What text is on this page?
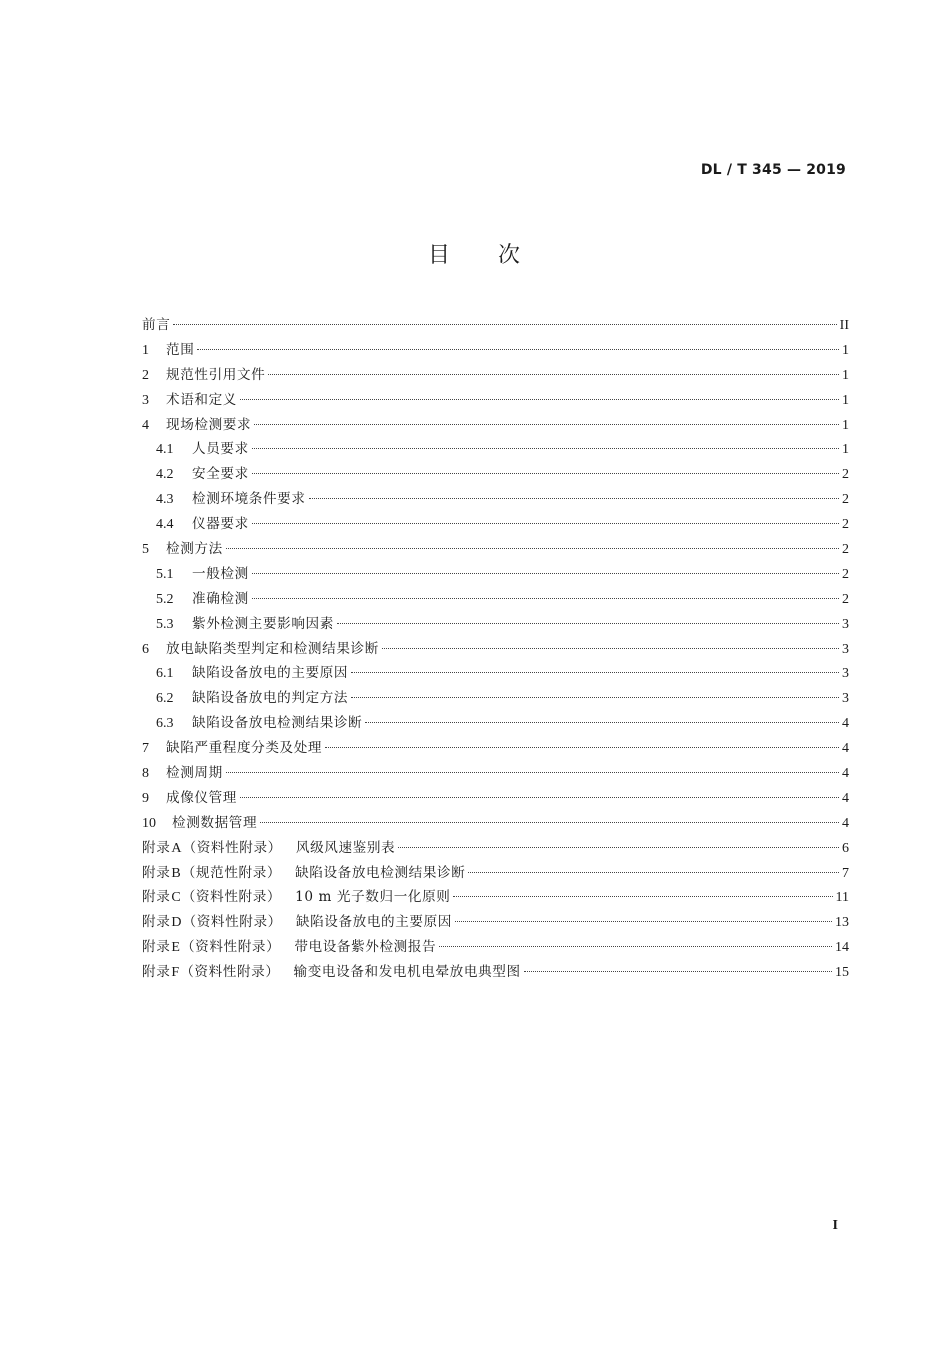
DL / T 345 — 2019
目 次
前言	II
1	范围	1
2	规范性引用文件	1
3	术语和定义	1
4	现场检测要求	1
4.1	人员要求	1
4.2	安全要求	2
4.3	检测环境条件要求	2
4.4	仪器要求	2
5	检测方法	2
5.1	一般检测	2
5.2	准确检测	2
5.3	紫外检测主要影响因素	3
6	放电缺陷类型判定和检测结果诊断	3
6.1	缺陷设备放电的主要原因	3
6.2	缺陷设备放电的判定方法	3
6.3	缺陷设备放电检测结果诊断	4
7	缺陷严重程度分类及处理	4
8	检测周期	4
9	成像仪管理	4
10	检测数据管理	4
附录 A （资料性附录） 风级风速鉴别表	6
附录 B （规范性附录） 缺陷设备放电检测结果诊断	7
附录 C （资料性附录） 10 m 光子数归一化原则	11
附录 D （资料性附录） 缺陷设备放电的主要原因	13
附录 E （资料性附录） 带电设备紫外检测报告	14
附录 F （资料性附录） 输变电设备和发电机电晕放电典型图	15
I
